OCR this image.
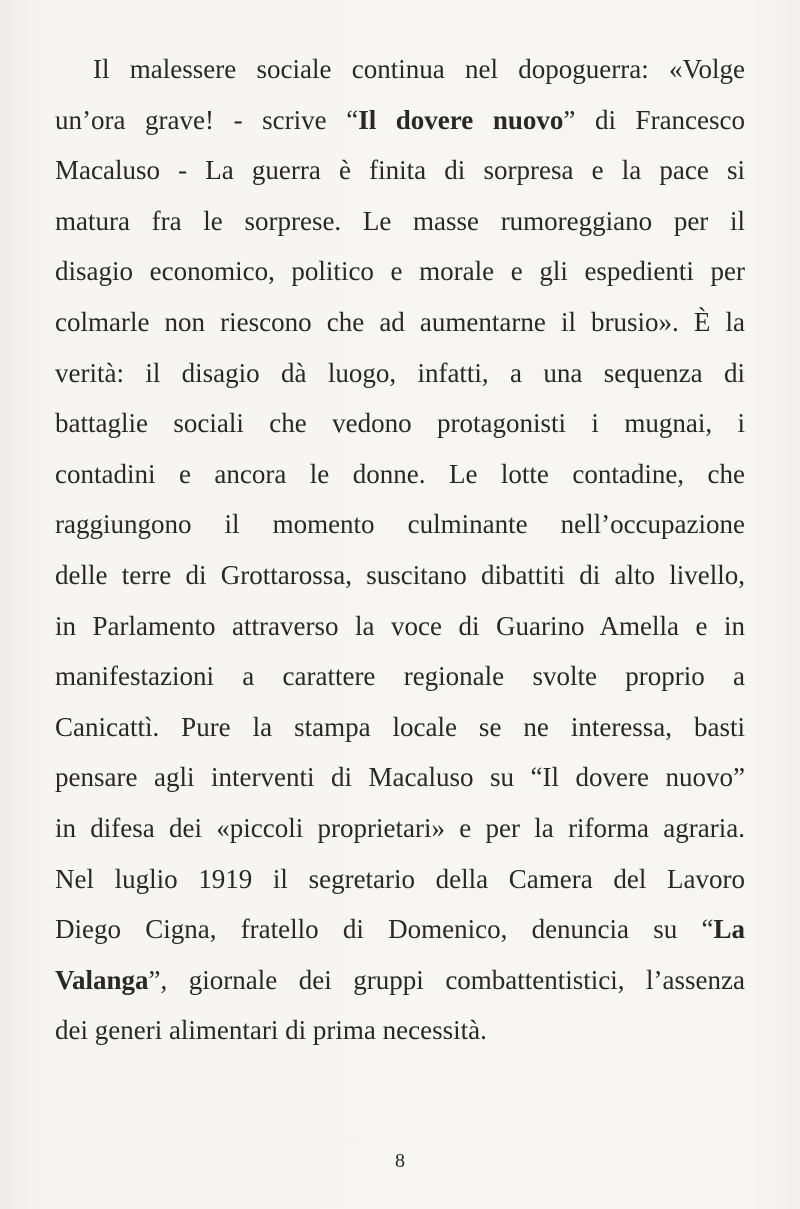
Il malessere sociale continua nel dopoguerra: «Volge
un’ora grave! - scrive “Il dovere nuovo” di Francesco
Macaluso - La guerra è finita di sorpresa e la pace si
matura fra le sorprese. Le masse rumoreggiano per il
disagio economico, politico e morale e gli espedienti per
colmarle non riescono che ad aumentarne il brusio». È la
verità: il disagio dà luogo, infatti, a una sequenza di
battaglie sociali che vedono protagonisti i mugnai, i
contadini e ancora le donne. Le lotte contadine, che
raggiungono il momento culminante nell’occupazione
delle terre di Grottarossa, suscitano dibattiti di alto livello,
in Parlamento attraverso la voce di Guarino Amella e in
manifestazioni a carattere regionale svolte proprio a
Canicattì. Pure la stampa locale se ne interessa, basti
pensare agli interventi di Macaluso su “Il dovere nuovo”
in difesa dei «piccoli proprietari» e per la riforma agraria.
Nel luglio 1919 il segretario della Camera del Lavoro
Diego Cigna, fratello di Domenico, denuncia su “La
Valanga”, giornale dei gruppi combattentistici, l’assenza
dei generi alimentari di prima necessità.
8
